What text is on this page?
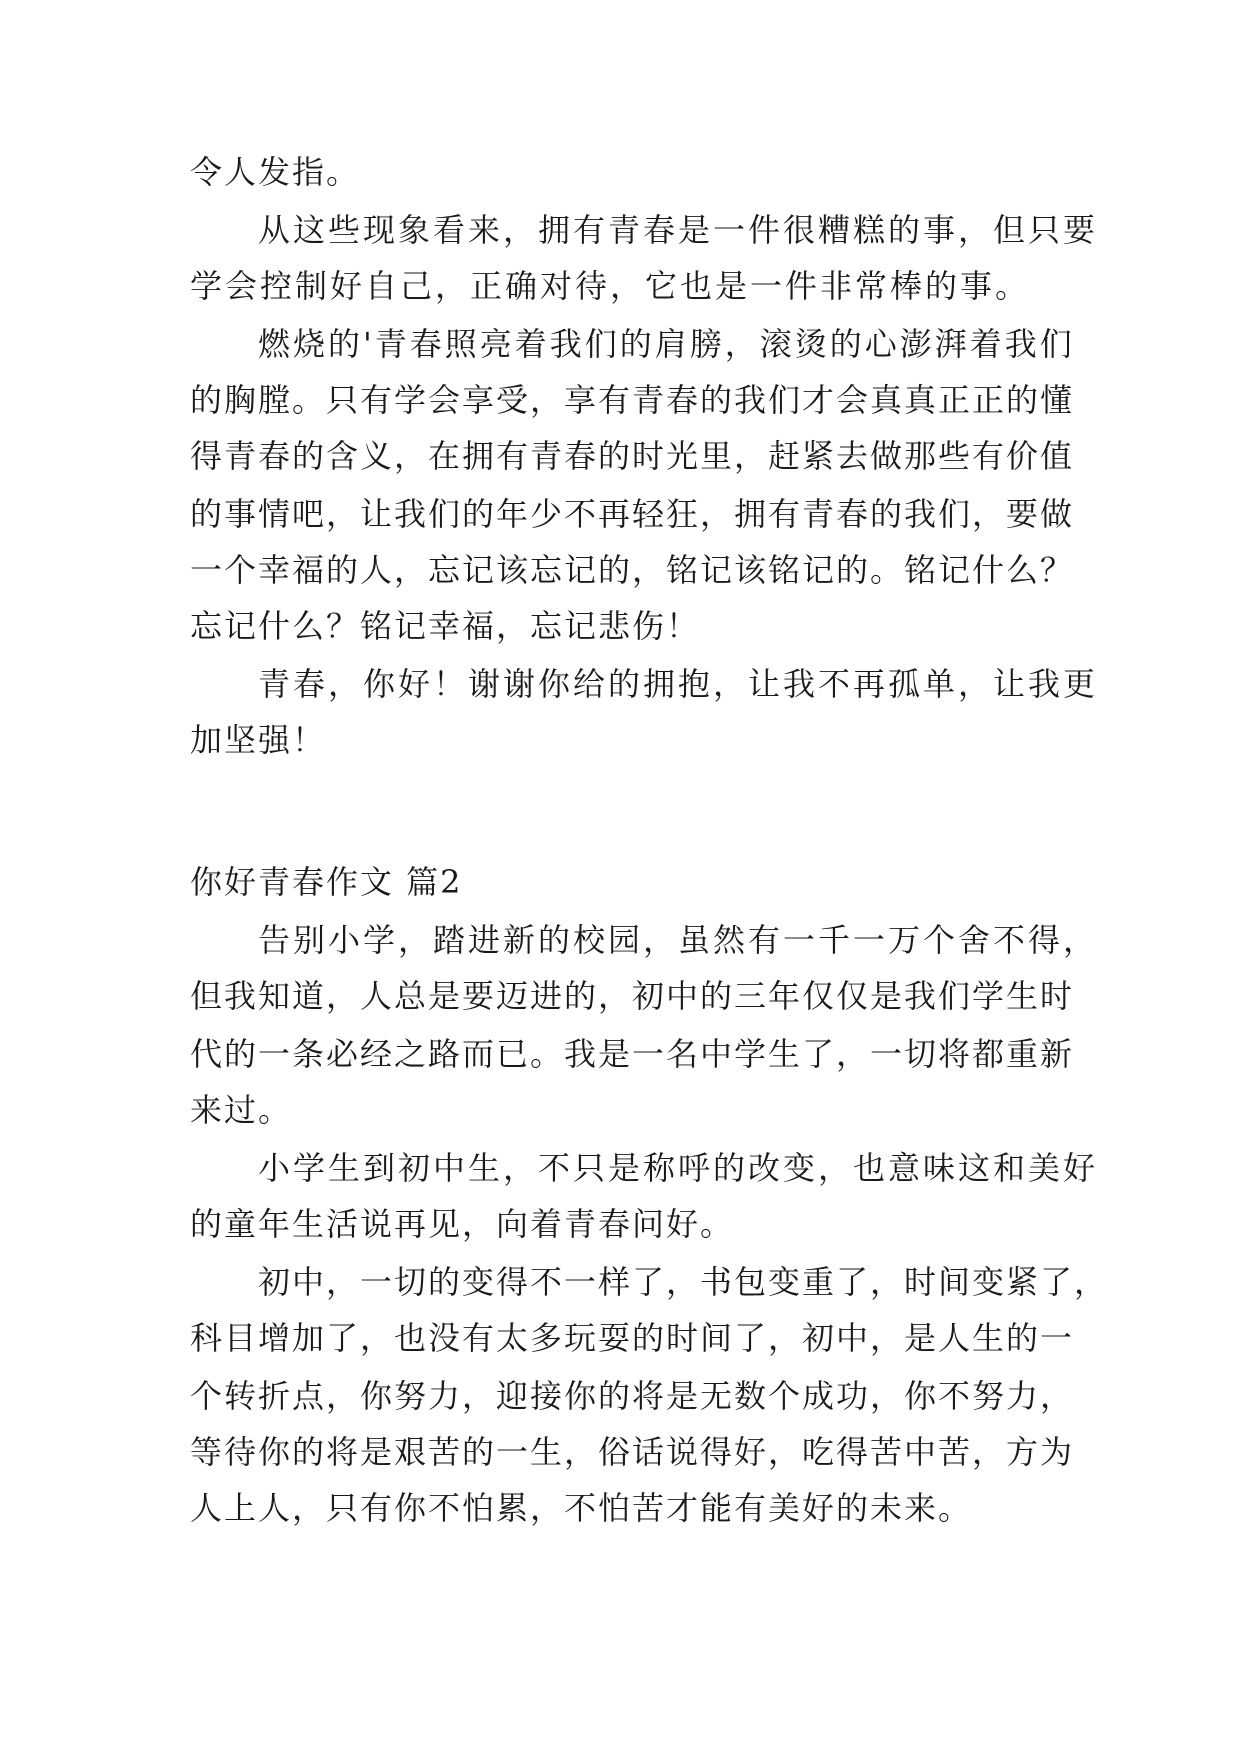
令人发指。
从这些现象看来，拥有青春是一件很糟糕的事，但只要
学会控制好自己，正确对待，它也是一件非常棒的事。
燃烧的'青春照亮着我们的肩膀，滚烫的心澎湃着我们
的胸膛。只有学会享受，享有青春的我们才会真真正正的懂
得青春的含义，在拥有青春的时光里，赶紧去做那些有价值
的事情吧，让我们的年少不再轻狂，拥有青春的我们，要做
一个幸福的人，忘记该忘记的，铭记该铭记的。铭记什么？
忘记什么？铭记幸福，忘记悲伤！
青春，你好！谢谢你给的拥抱，让我不再孤单，让我更
加坚强！
你好青春作文 篇2
告别小学，踏进新的校园，虽然有一千一万个舍不得，
但我知道，人总是要迈进的，初中的三年仅仅是我们学生时
代的一条必经之路而已。我是一名中学生了，一切将都重新
来过。
小学生到初中生，不只是称呼的改变，也意味这和美好
的童年生活说再见，向着青春问好。
初中，一切的变得不一样了，书包变重了，时间变紧了，
科目增加了，也没有太多玩耍的时间了，初中，是人生的一
个转折点，你努力，迎接你的将是无数个成功，你不努力，
等待你的将是艰苦的一生，俗话说得好，吃得苦中苦，方为
人上人，只有你不怕累，不怕苦才能有美好的未来。
